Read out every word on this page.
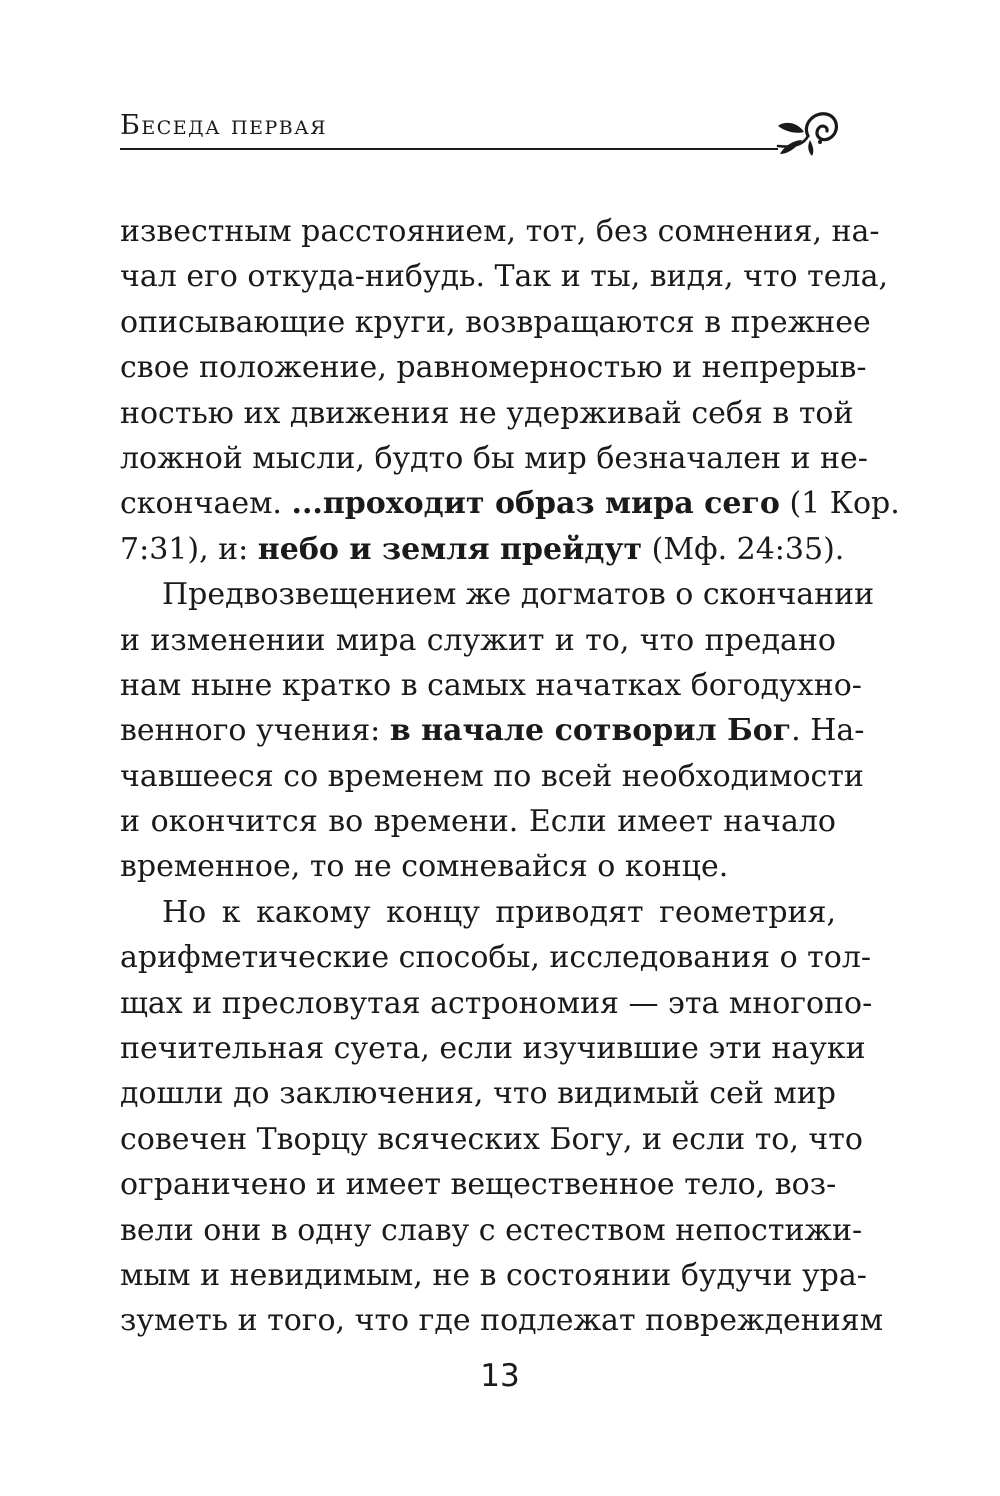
Беседа первая
известным расстоянием, тот, без сомнения, на-
чал его откуда-нибудь. Так и ты, видя, что тела,
описывающие круги, возвращаются в прежнее
свое положение, равномерностью и непрерыв-
ностью их движения не удерживай себя в той
ложной мысли, будто бы мир безначален и не-
скончаем. ...проходит образ мира сего (1 Кор.
7:31), и: небо и земля прейдут (Мф. 24:35).
Предвозвещением же догматов о скончании
и изменении мира служит и то, что предано
нам ныне кратко в самых начатках богодухно-
венного учения: в начале сотворил Бог. На-
чавшееся со временем по всей необходимости
и окончится во времени. Если имеет начало
временное, то не сомневайся о конце.
Но к какому концу приводят геометрия,
арифметические способы, исследования о тол-
щах и пресловутая астрономия — эта многопо-
печительная суета, если изучившие эти науки
дошли до заключения, что видимый сей мир
совечен Творцу всяческих Богу, и если то, что
ограничено и имеет вещественное тело, воз-
вели они в одну славу с естеством непостижи-
мым и невидимым, не в состоянии будучи ура-
зуметь и того, что где подлежат повреждениям
13
